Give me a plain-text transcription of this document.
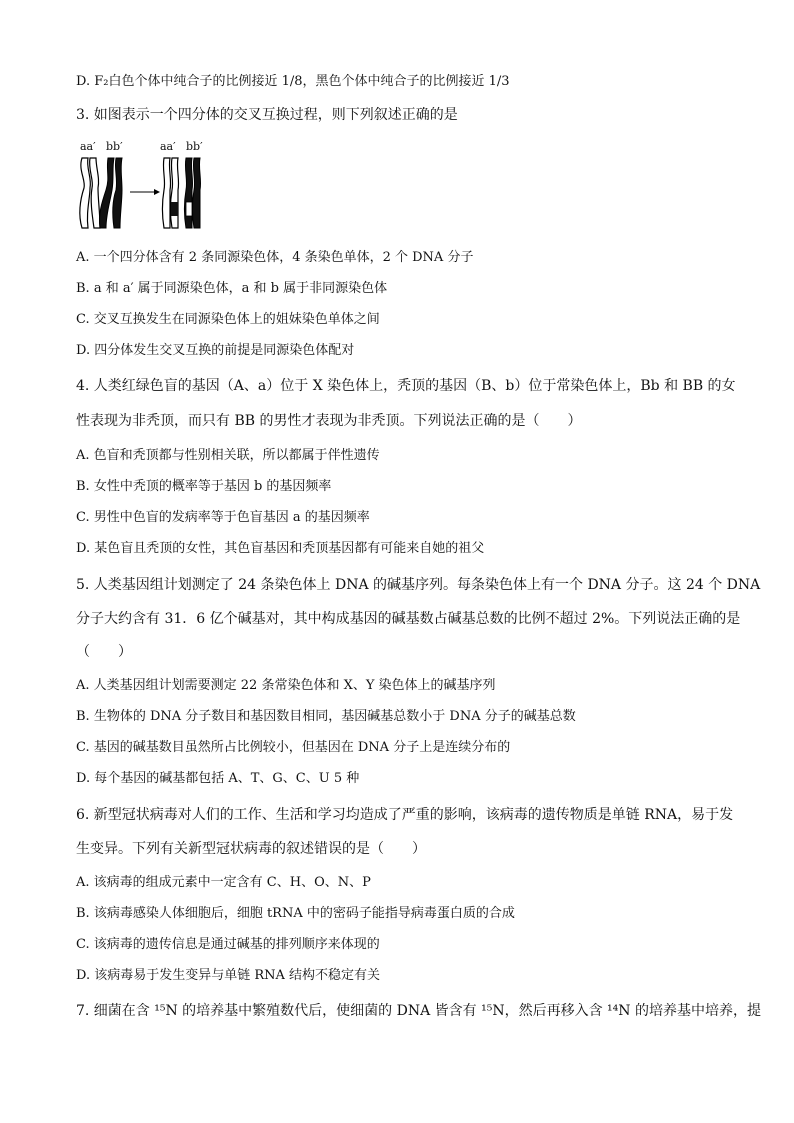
D. F₂白色个体中纯合子的比例接近 1/8，黑色个体中纯合子的比例接近 1/3
3. 如图表示一个四分体的交叉互换过程，则下列叙述正确的是
aa′ bb′	aa′ bb′
A. 一个四分体含有 2 条同源染色体，4 条染色单体，2 个 DNA 分子
B. a 和 a′ 属于同源染色体，a 和 b 属于非同源染色体
C. 交叉互换发生在同源染色体上的姐妹染色单体之间
D. 四分体发生交叉互换的前提是同源染色体配对
4. 人类红绿色盲的基因（A、a）位于 X 染色体上，秃顶的基因（B、b）位于常染色体上，Bb 和 BB 的女
性表现为非秃顶，而只有 BB 的男性才表现为非秃顶。下列说法正确的是（　　）
A. 色盲和秃顶都与性别相关联，所以都属于伴性遗传
B. 女性中秃顶的概率等于基因 b 的基因频率
C. 男性中色盲的发病率等于色盲基因 a 的基因频率
D. 某色盲且秃顶的女性，其色盲基因和秃顶基因都有可能来自她的祖父
5. 人类基因组计划测定了 24 条染色体上 DNA 的碱基序列。每条染色体上有一个 DNA 分子。这 24 个 DNA
分子大约含有 31．6 亿个碱基对，其中构成基因的碱基数占碱基总数的比例不超过 2%。下列说法正确的是
（　　）
A. 人类基因组计划需要测定 22 条常染色体和 X、Y 染色体上的碱基序列
B. 生物体的 DNA 分子数目和基因数目相同，基因碱基总数小于 DNA 分子的碱基总数
C. 基因的碱基数目虽然所占比例较小，但基因在 DNA 分子上是连续分布的
D. 每个基因的碱基都包括 A、T、G、C、U 5 种
6. 新型冠状病毒对人们的工作、生活和学习均造成了严重的影响，该病毒的遗传物质是单链 RNA，易于发
生变异。下列有关新型冠状病毒的叙述错误的是（　　）
A. 该病毒的组成元素中一定含有 C、H、O、N、P
B. 该病毒感染人体细胞后，细胞 tRNA 中的密码子能指导病毒蛋白质的合成
C. 该病毒的遗传信息是通过碱基的排列顺序来体现的
D. 该病毒易于发生变异与单链 RNA 结构不稳定有关
7. 细菌在含 ¹⁵N 的培养基中繁殖数代后，使细菌的 DNA 皆含有 ¹⁵N，然后再移入含 ¹⁴N 的培养基中培养，提
